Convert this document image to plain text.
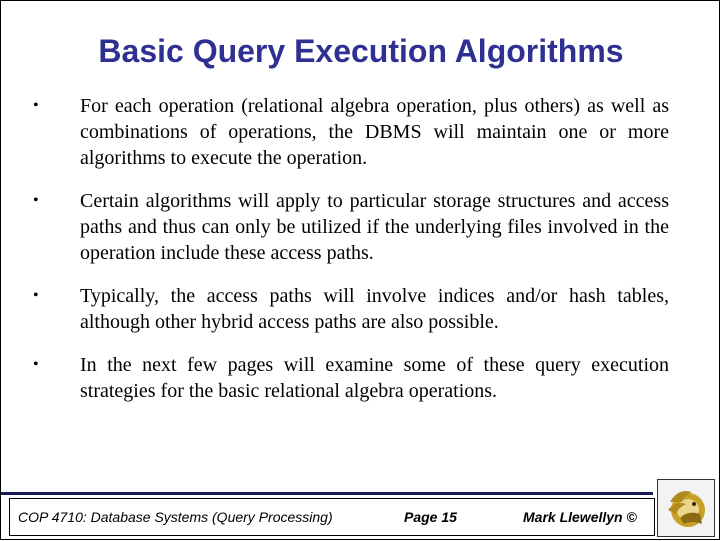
Basic Query Execution Algorithms
• For each operation (relational algebra operation, plus others) as well as combinations of operations, the DBMS will maintain one or more algorithms to execute the operation.
• Certain algorithms will apply to particular storage structures and access paths and thus can only be utilized if the underlying files involved in the operation include these access paths.
• Typically, the access paths will involve indices and/or hash tables, although other hybrid access paths are also possible.
• In the next few pages will examine some of these query execution strategies for the basic relational algebra operations.
COP 4710: Database Systems (Query Processing)	Page 15	Mark Llewellyn ©
